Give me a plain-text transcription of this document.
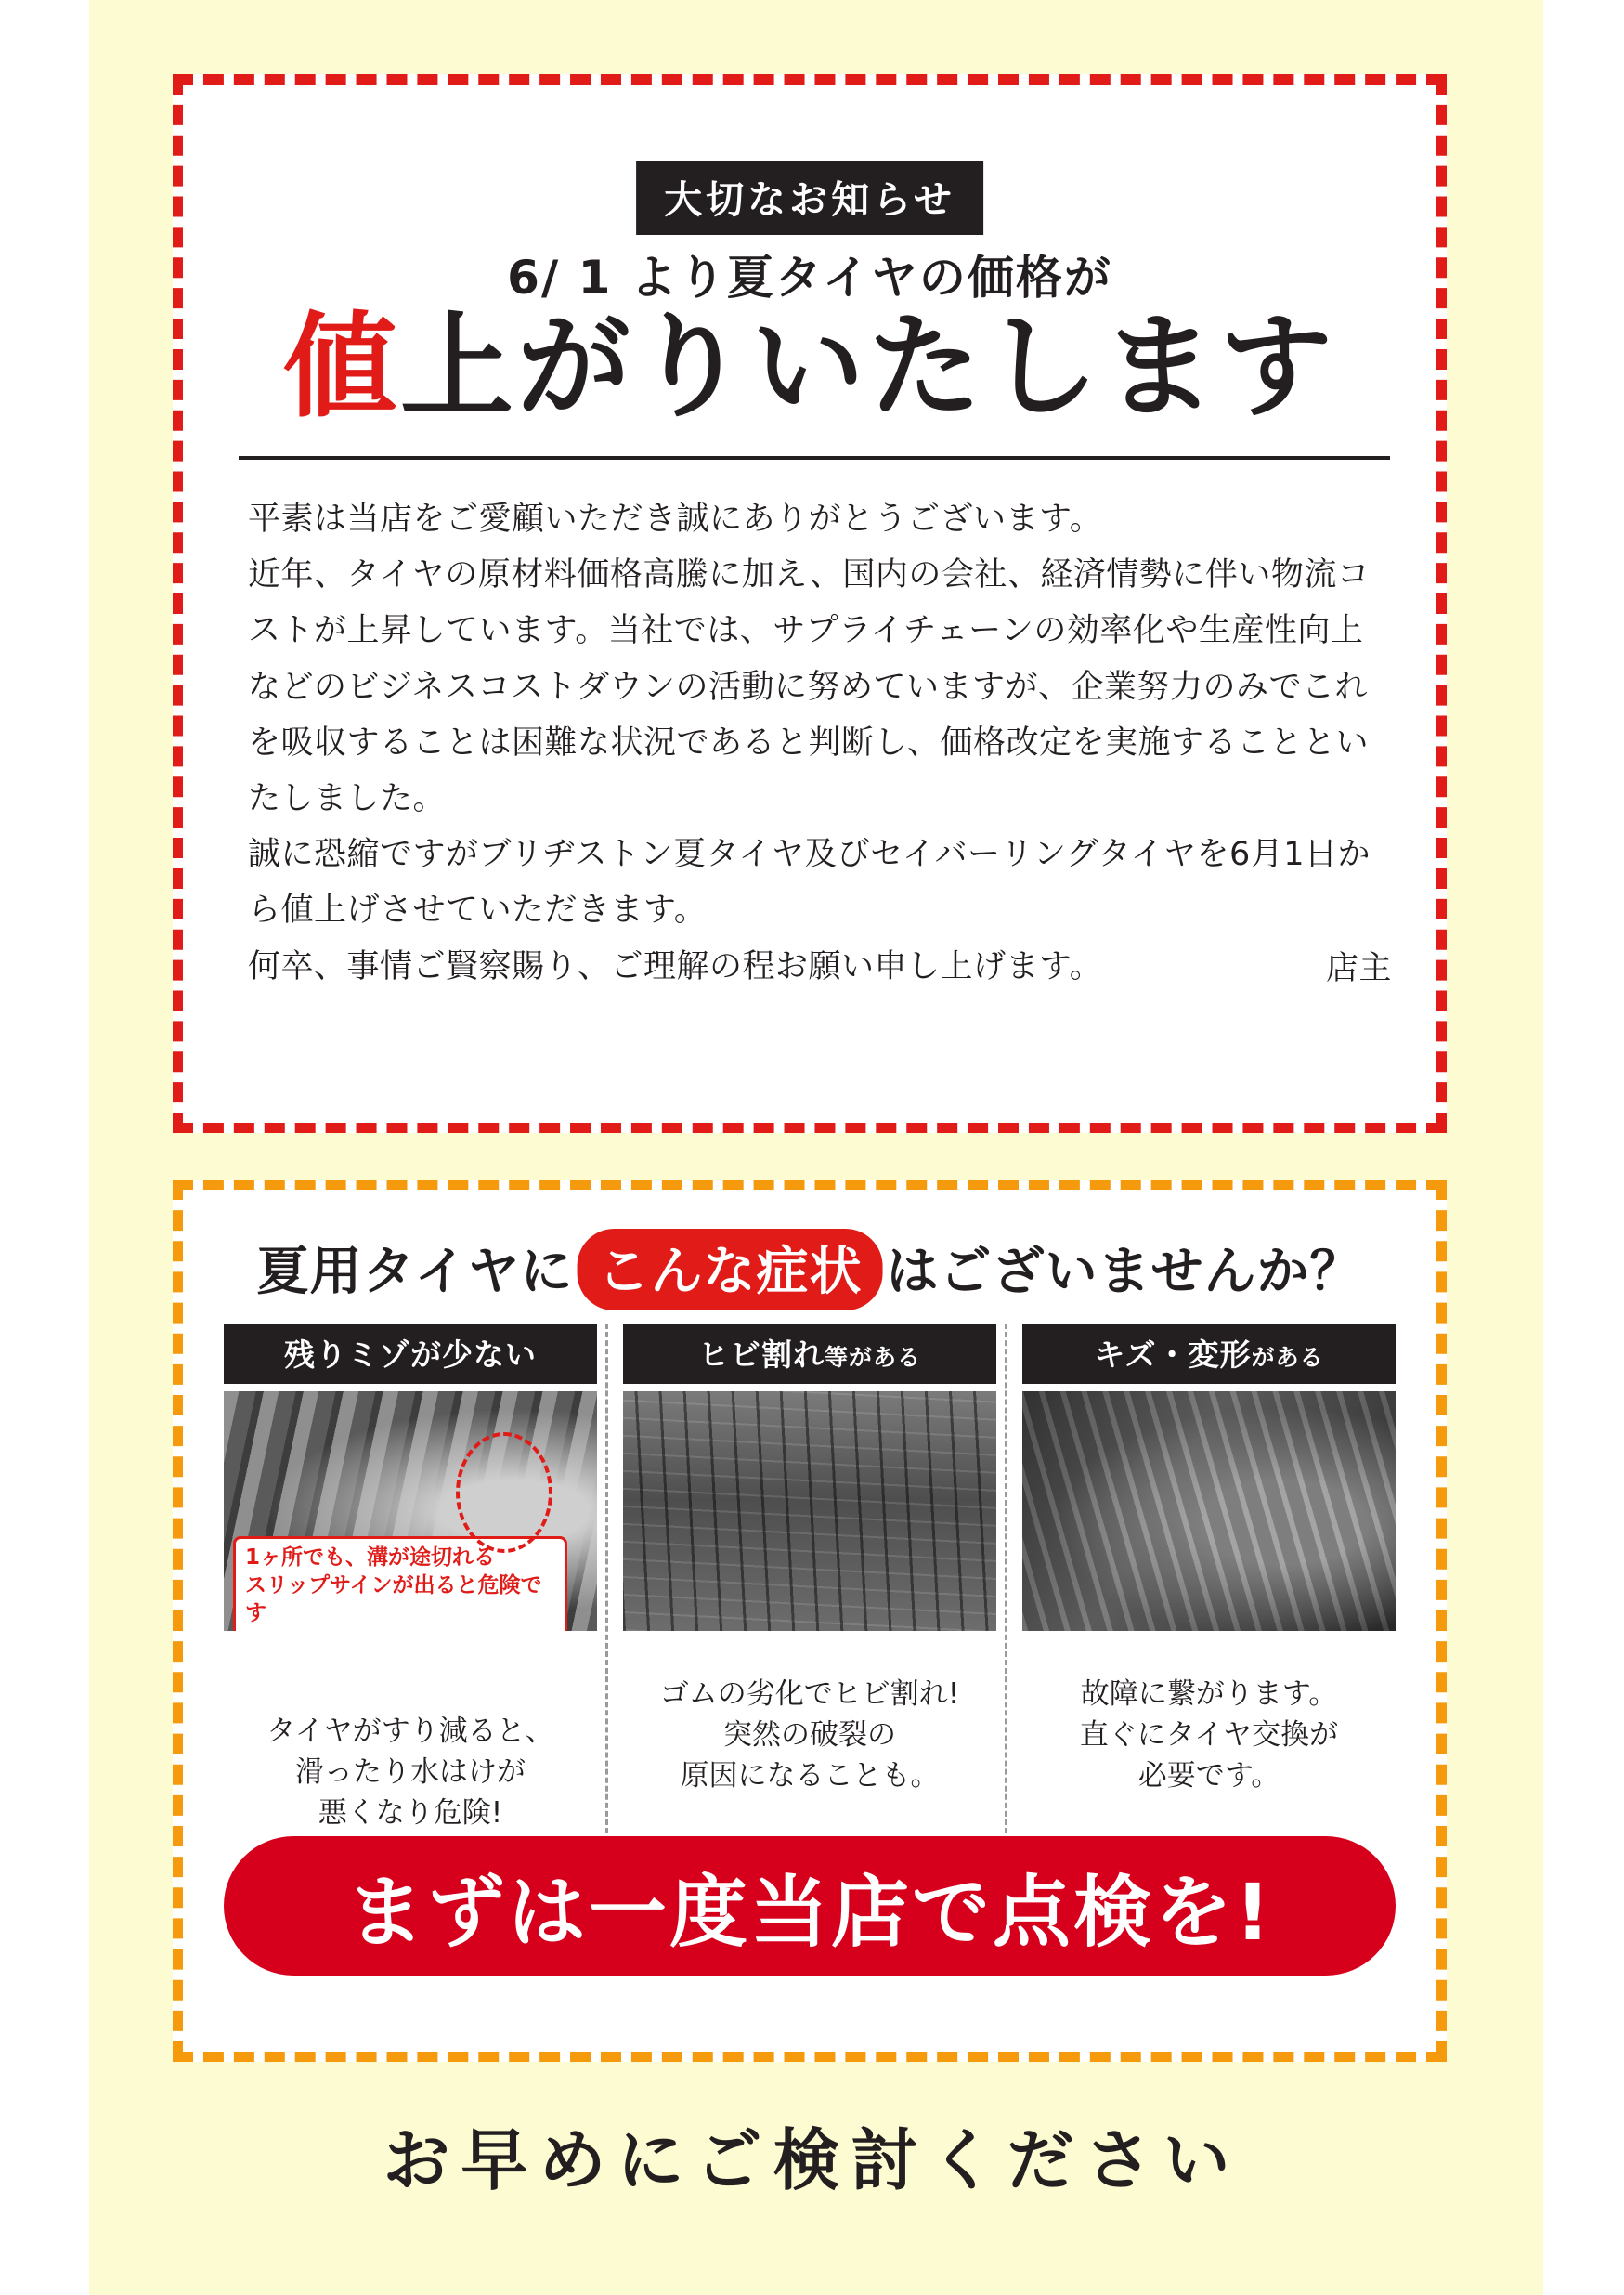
大切なお知らせ
6/ 1 より夏タイヤの価格が
値上がりいたします

平素は当店をご愛顧いただき誠にありがとうございます。

近年、タイヤの原材料価格高騰に加え、国内の会社、経済情勢に伴い物流コストが上昇しています。当社では、サプライチェーンの効率化や生産性向上などのビジネスコストダウンの活動に努めていますが、企業努力のみでこれを吸収することは困難な状況であると判断し、価格改定を実施することといたしました。

誠に恐縮ですがブリヂストン夏タイヤ及びセイバーリングタイヤを6月1日から値上げさせていただきます。

何卒、事情ご賢察賜り、ご理解の程お願い申し上げます。	店主
夏用タイヤに こんな症状 はございませんか？
残りミゾが少ない
1ヶ所でも、溝が途切れる
スリップサインが出ると危険です
タイヤがすり減ると、
滑ったり水はけが
悪くなり危険!
ヒビ割れ等がある
ゴムの劣化でヒビ割れ!
突然の破裂の
原因になることも。
キズ・変形がある
故障に繋がります。
直ぐにタイヤ交換が
必要です。
まずは一度当店で点検を!
お早めにご検討ください
